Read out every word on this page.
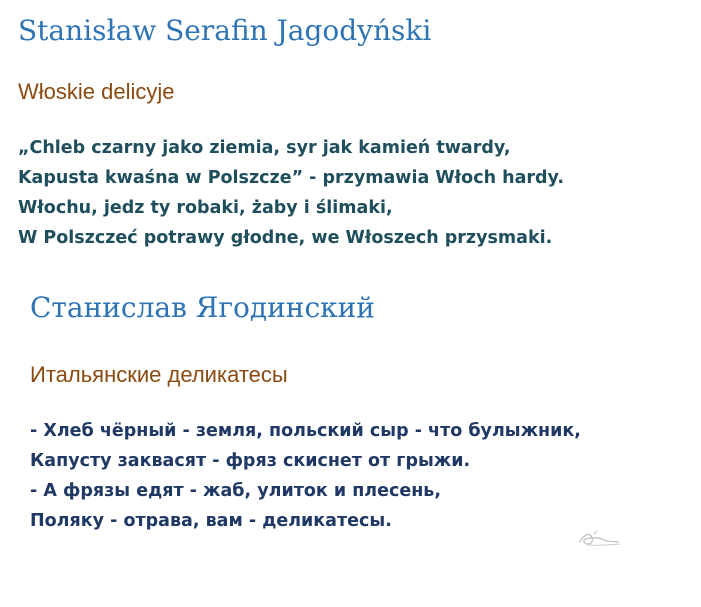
Stanisław Serafin Jagodyński
Włoskie delicyje

„Chleb czarny jako ziemia, syr jak kamień twardy,
Kapusta kwaśna w Polszcze” - przymawia Włoch hardy.
Włochu, jedz ty robaki, żaby i ślimaki,
W Polszczeć potrawy głodne, we Włoszech przysmaki.

Станислав Ягодинский
Итальянские деликатесы

- Хлеб чёрный - земля, польский сыр - что булыжник,
Капусту заквасят - фряз скиснет от грыжи.
- А фрязы едят - жаб, улиток и плесень,
Поляку - отрава, вам - деликатесы.
